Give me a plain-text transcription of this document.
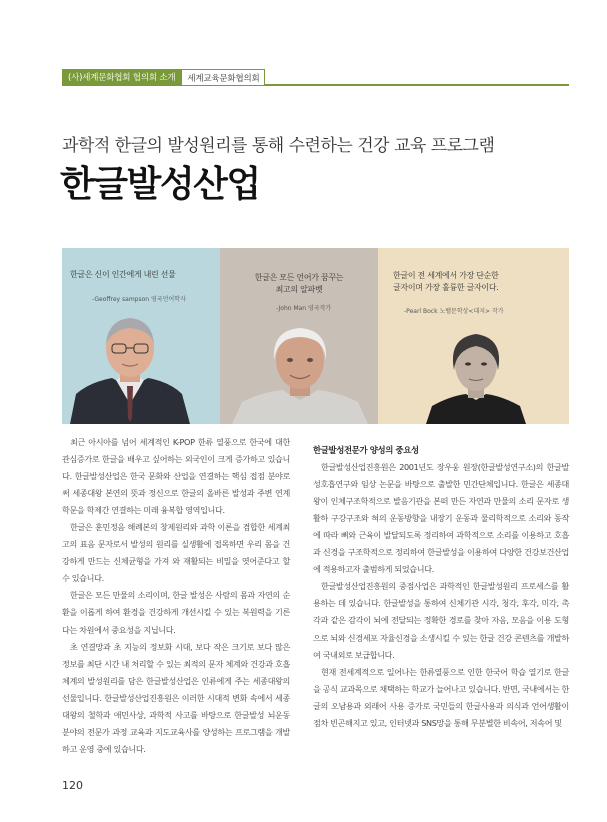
(사)세계문화협회 협의회 소개	세계교육문화협의회
과학적 한글의 발성원리를 통해 수련하는 건강 교육 프로그램
한글발성산업
한글은 신이 인간에게 내린 선물
-Geoffrey sampson 영국언어학자
한글은 모든 언어가 꿈꾸는
최고의 알파벳
-John Man 영국작가
한글이 전 세계에서 가장 단순한
글자이며 가장 훌륭한 글자이다.
-Pearl Bock 노벨문학상<대지> 작가

최근 아시아를 넘어 세계적인 K-POP 한류 열풍으로 한국에 대한 관심증가로 한글을 배우고 싶어하는 외국인이 크게 증가하고 있습니다. 한글발성산업은 한국 문화와 산업을 연결하는 핵심 접점 분야로써 세종대왕 본연의 뜻과 정신으로 한글의 올바른 발성과 주변 연계학문을 학제간 연결하는 미래 융복합 영역입니다.

한글은 훈민정음 해례본의 창제원리와 과학 이론을 겸합한 세계최고의 표음 문자로서 발성의 원리를 실생활에 접목하면 우리 몸을 건강하게 만드는 신체균형을 가져 와 재활되는 비밀을 엿어준다고 할 수 있습니다.

한글은 모든 만물의 소리이며, 한글 발성은 사람의 몸과 자연의 순환을 이롭게 하여 환경을 건강하게 개선시킬 수 있는 복원력을 기른다는 차원에서 중요성을 지닙니다.

초 연결망과 초 지능의 정보화 시대, 보다 작은 크기로 보다 많은 정보를 최단 시간 내 처리할 수 있는 최적의 문자 체계와 건강과 호흡체계의 발성원리를 담은 한글발성산업은 인류에게 주는 세종대왕의 선물입니다. 한글발성산업진흥원은 이러한 시대적 변화 속에서 세종대왕의 철학과 애민사상, 과학적 사고를 바탕으로 한글발성 뇌운동 분야의 전문가 과정 교육과 지도교육사를 양성하는 프로그램을 개발하고 운영 중에 있습니다.

한글발성전문가 양성의 중요성

한글발성산업진흥원은 2001년도 장우웅 원장(한글발성연구소)의 한글발성호흡연구와 임상 논문을 바탕으로 출발한 민간단체입니다. 한글은 세종대왕이 인체구조학적으로 발음기관을 본떠 만든 자연과 만물의 소리 문자로 생활하 구강구조와 혀의 운동방향을 내장기 운동과 물리학적으로 소리와 동작에 따라 뼈와 근육이 발달되도록 정리하여 과학적으로 소리를 이용하고 호흡과 신경을 구조학적으로 정리하여 한글발성을 이용하여 다양한 건강보건산업에 적용하고자 출범하게 되었습니다.

한글발성산업진흥원의 중점사업은 과학적인 한글발성원리 프로세스를 활용하는 데 있습니다. 한글발성을 통하여 신체기관 시각, 청각, 후각, 미각, 촉각과 같은 감각이 뇌에 전달되는 정확한 경로를 찾아 자음, 모음을 이용 도형으로 뇌와 신경세포 자율신경을 소생시킬 수 있는 한글 건강 콘텐츠를 개발하여 국내외로 보급합니다.

현재 전세계적으로 일어나는 한류열풍으로 인한 한국어 학습 열기로 한글을 공식 교과목으로 채택하는 학교가 늘어나고 있습니다. 반면, 국내에서는 한글의 오남용과 외래어 사용 증가로 국민들의 한글사용과 의식과 언어생활이 점차 빈곤해지고 있고, 인터넷과 SNS망을 통해 무분별한 비속어, 저속어 및

120
